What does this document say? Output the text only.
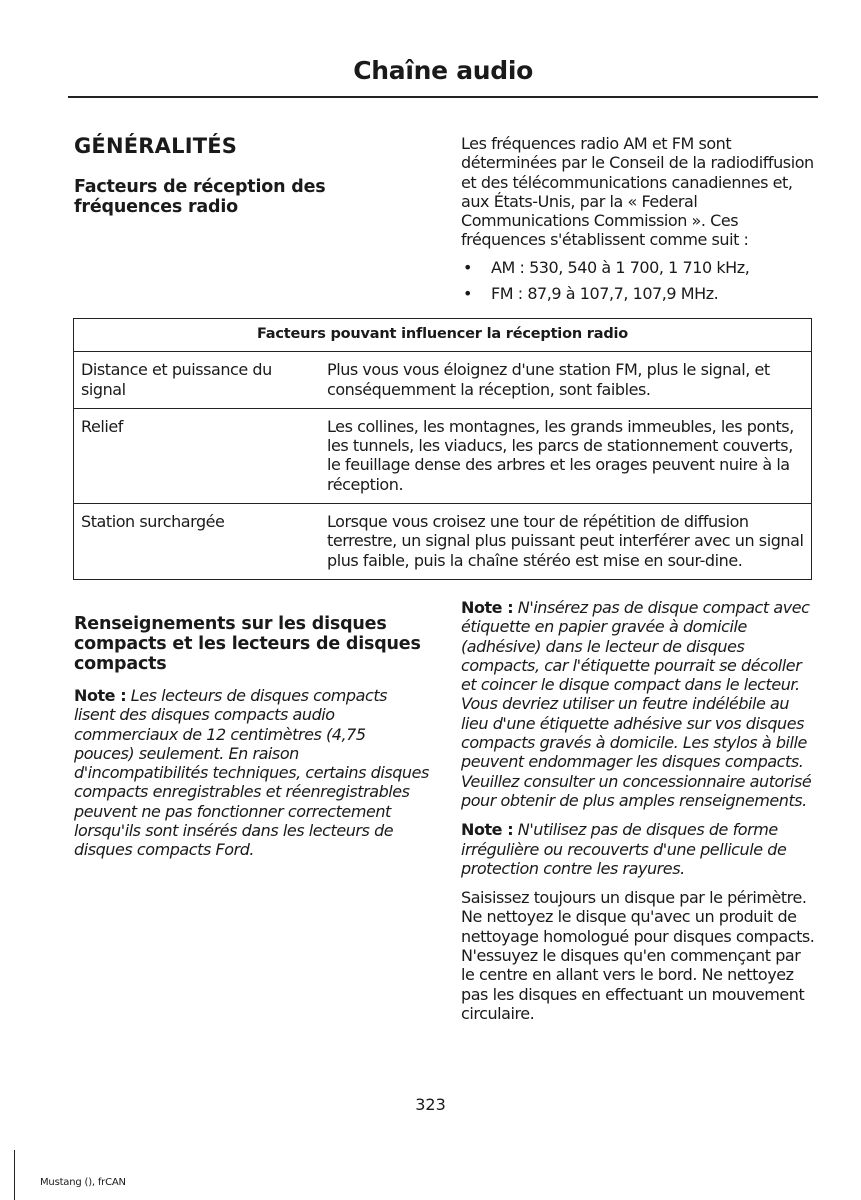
Chaîne audio
GÉNÉRALITÉS
Facteurs de réception des fréquences radio

Les fréquences radio AM et FM sont déterminées par le Conseil de la radiodiffusion et des télécommunications canadiennes et, aux États-Unis, par la « Federal Communications Commission ». Ces fréquences s'établissent comme suit :

• AM : 530, 540 à 1 700, 1 710 kHz,
• FM : 87,9 à 107,7, 107,9 MHz.
Facteurs pouvant influencer la réception radio	
Distance et puissance du signal	Plus vous vous éloignez d'une station FM, plus le signal, et conséquemment la réception, sont faibles.
Relief	Les collines, les montagnes, les grands immeubles, les ponts, les tunnels, les viaducs, les parcs de stationnement couverts, le feuillage dense des arbres et les orages peuvent nuire à la réception.
Station surchargée	Lorsque vous croisez une tour de répétition de diffusion terrestre, un signal plus puissant peut interférer avec un signal plus faible, puis la chaîne stéréo est mise en sour-dine.
Renseignements sur les disques compacts et les lecteurs de disques compacts
Note : Les lecteurs de disques compacts lisent des disques compacts audio commerciaux de 12 centimètres (4,75 pouces) seulement. En raison d'incompatibilités techniques, certains disques compacts enregistrables et réenregistrables peuvent ne pas fonctionner correctement lorsqu'ils sont insérés dans les lecteurs de disques compacts Ford.

Note : N'insérez pas de disque compact avec étiquette en papier gravée à domicile (adhésive) dans le lecteur de disques compacts, car l'étiquette pourrait se décoller et coincer le disque compact dans le lecteur. Vous devriez utiliser un feutre indélébile au lieu d'une étiquette adhésive sur vos disques compacts gravés à domicile. Les stylos à bille peuvent endommager les disques compacts. Veuillez consulter un concessionnaire autorisé pour obtenir de plus amples renseignements.

Note : N'utilisez pas de disques de forme irrégulière ou recouverts d'une pellicule de protection contre les rayures.

Saisissez toujours un disque par le périmètre. Ne nettoyez le disque qu'avec un produit de nettoyage homologué pour disques compacts. N'essuyez le disques qu'en commençant par le centre en allant vers le bord. Ne nettoyez pas les disques en effectuant un mouvement circulaire.

323
Mustang (), frCAN
